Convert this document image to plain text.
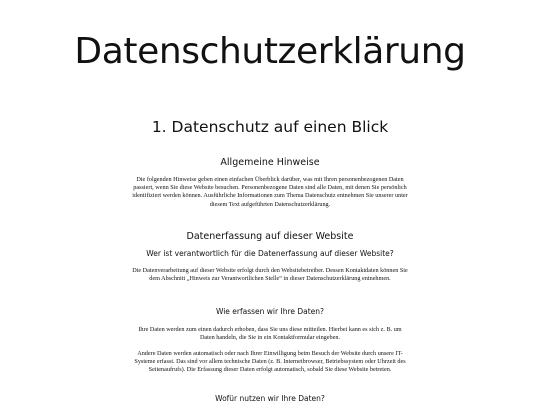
Datenschutzerklärung
1. Datenschutz auf einen Blick
Allgemeine Hinweise
Die folgenden Hinweise geben einen einfachen Überblick darüber, was mit Ihren personenbezogenen Daten passiert, wenn Sie diese Website besuchen. Personenbezogene Daten sind alle Daten, mit denen Sie persönlich identifiziert werden können. Ausführliche Informationen zum Thema Datenschutz entnehmen Sie unserer unter diesem Text aufgeführten Datenschutzerklärung.
Datenerfassung auf dieser Website
Wer ist verantwortlich für die Datenerfassung auf dieser Website?
Die Datenverarbeitung auf dieser Website erfolgt durch den Websitebetreiber. Dessen Kontaktdaten können Sie dem Abschnitt „Hinweis zur Verantwortlichen Stelle“ in dieser Datenschutzerklärung entnehmen.
Wie erfassen wir Ihre Daten?
Ihre Daten werden zum einen dadurch erhoben, dass Sie uns diese mitteilen. Hierbei kann es sich z. B. um Daten handeln, die Sie in ein Kontaktformular eingeben.
Andere Daten werden automatisch oder nach Ihrer Einwilligung beim Besuch der Website durch unsere IT-Systeme erfasst. Das sind vor allem technische Daten (z. B. Internetbrowser, Betriebssystem oder Uhrzeit des Seitenaufrufs). Die Erfassung dieser Daten erfolgt automatisch, sobald Sie diese Website betreten.
Wofür nutzen wir Ihre Daten?
